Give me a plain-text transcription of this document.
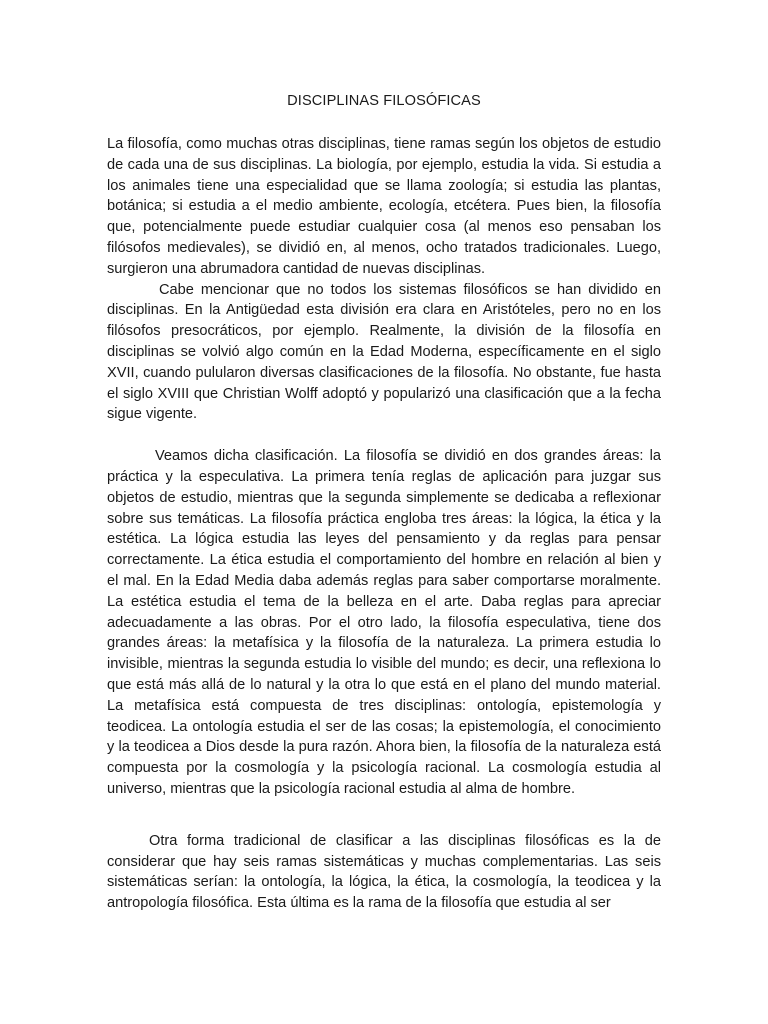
DISCIPLINAS FILOSÓFICAS

La filosofía, como muchas otras disciplinas, tiene ramas según los objetos de estudio de cada una de sus disciplinas. La biología, por ejemplo, estudia la vida. Si estudia a los animales tiene una especialidad que se llama zoología; si estudia las plantas, botánica; si estudia a el medio ambiente, ecología, etcétera. Pues bien, la filosofía que, potencialmente puede estudiar cualquier cosa (al menos eso pensaban los filósofos medievales), se dividió en, al menos, ocho tratados tradicionales. Luego, surgieron una abrumadora cantidad de nuevas disciplinas.

Cabe mencionar que no todos los sistemas filosóficos se han dividido en disciplinas. En la Antigüedad esta división era clara en Aristóteles, pero no en los filósofos presocráticos, por ejemplo. Realmente, la división de la filosofía en disciplinas se volvió algo común en la Edad Moderna, específicamente en el siglo XVII, cuando pulularon diversas clasificaciones de la filosofía. No obstante, fue hasta el siglo XVIII que Christian Wolff adoptó y popularizó una clasificación que a la fecha sigue vigente.

Veamos dicha clasificación. La filosofía se dividió en dos grandes áreas: la práctica y la especulativa. La primera tenía reglas de aplicación para juzgar sus objetos de estudio, mientras que la segunda simplemente se dedicaba a reflexionar sobre sus temáticas. La filosofía práctica engloba tres áreas: la lógica, la ética y la estética. La lógica estudia las leyes del pensamiento y da reglas para pensar correctamente. La ética estudia el comportamiento del hombre en relación al bien y el mal. En la Edad Media daba además reglas para saber comportarse moralmente. La estética estudia el tema de la belleza en el arte. Daba reglas para apreciar adecuadamente a las obras. Por el otro lado, la filosofía especulativa, tiene dos grandes áreas: la metafísica y la filosofía de la naturaleza. La primera estudia lo invisible, mientras la segunda estudia lo visible del mundo; es decir, una reflexiona lo que está más allá de lo natural y la otra lo que está en el plano del mundo material. La metafísica está compuesta de tres disciplinas: ontología, epistemología y teodicea. La ontología estudia el ser de las cosas; la epistemología, el conocimiento y la teodicea a Dios desde la pura razón. Ahora bien, la filosofía de la naturaleza está compuesta por la cosmología y la psicología racional. La cosmología estudia al universo, mientras que la psicología racional estudia al alma de hombre.

Otra forma tradicional de clasificar a las disciplinas filosóficas es la de considerar que hay seis ramas sistemáticas y muchas complementarias. Las seis sistemáticas serían: la ontología, la lógica, la ética, la cosmología, la teodicea y la antropología filosófica. Esta última es la rama de la filosofía que estudia al ser
